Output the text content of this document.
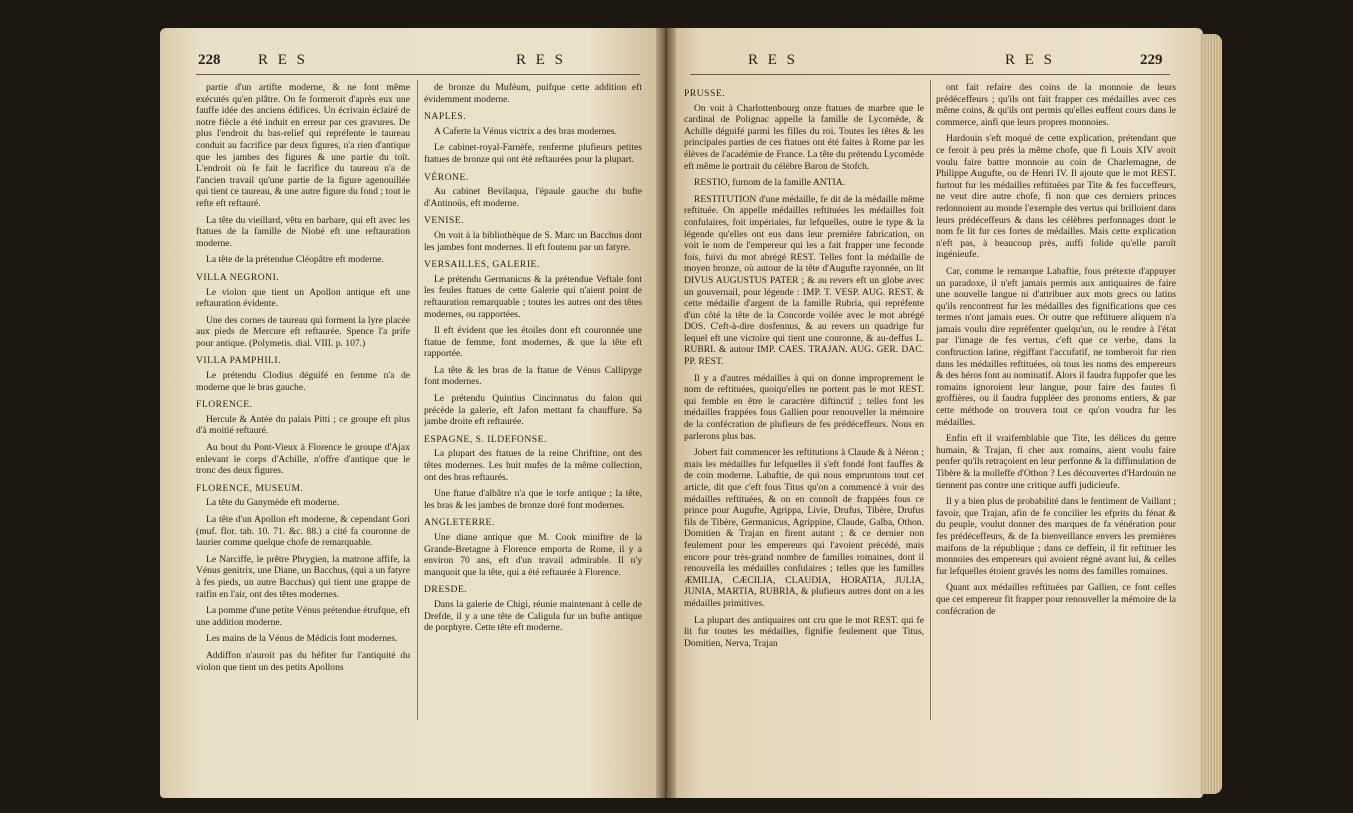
228	R E S	R E S

partie d'un artifte moderne, & ne font même exécutés qu'en plâtre. On fe formeroit d'après eux une fauffe idée des anciens édifices. Un écrivain éclairé de notre fiècle a été induit en erreur par ces gravures. De plus l'endroit du bas-relief qui repréfente le taureau conduit au facrifice par deux figures, n'a rien d'antique que les jambes des figures & une partie du toît. L'endroit où fe fait le facrifice du taureau n'a de l'ancien travail qu'une partie de la figure agenouillée qui tient ce taureau, & une autre figure du fond ; tout le refte eft reftauré.

La tête du vieillard, vêtu en barbare, qui eft avec les ftatues de la famille de Niobé eft une reftauration moderne.

La tête de la prétendue Cléopâtre eft moderne.

VILLA NEGRONI.

Le violon que tient un Apollon antique eft une reftauration évidente.

Une des cornes de taureau qui forment la lyre placée aux pieds de Mercure eft reftaurée. Spence l'a prife pour antique. (Polymetis. dial. VIII. p. 107.)

VILLA PAMPHILI.

Le prétendu Clodius déguifé en femme n'a de moderne que le bras gauche.

FLORENCE.

Hercule & Antée du palais Pitti ; ce groupe eft plus d'à moitié reftauré.

Au bout du Pont-Vieux à Florence le groupe d'Ajax enlevant le corps d'Achille, n'offre d'antique que le tronc des deux figures.

FLORENCE, MUSEUM.

La tête du Ganymède eft moderne.

La tête d'un Apollon eft moderne, & cependant Gori (muf. flor. tab. 10. 71. &c. 88.) a cité fa couronne de laurier comme quelque chofe de remarquable.

Le Narciffe, le prêtre Phrygien, la matrone affife, la Vénus genitrix, une Diane, un Bacchus, (qui a un fatyre à fes pieds, un autre Bacchus) qui tient une grappe de raifin en l'air, ont des têtes modernes.

La pomme d'une petite Vénus prétendue étrufque, eft une addition moderne.

Les mains de la Vénus de Médicis font modernes.

Addiffon n'auroit pas du héfiter fur l'antiquité du violon que tient un des petits Apollons

de bronze du Muféum, puifque cette addition eft évidemment moderne.

NAPLES.

A Caferte la Vénus victrix a des bras modernes.

Le cabinet-royal-Farnèfe, renferme plufieurs petites ftatues de bronze qui ont été reftaurées pour la plupart.

VÉRONE.

Au cabinet Bevilaqua, l'épaule gauche du bufte d'Antinoüs, eft moderne.

VENISE.

On voit à la bibliothèque de S. Marc un Bacchus dont les jambes font modernes. Il eft foutenu par un fatyre.

VERSAILLES, GALERIE.

Le prétendu Germanicus & la prétendue Veftale font les feules ftatues de cette Galerie qui n'aient point de reftauration remarquable ; toutes les autres ont des têtes modernes, ou rapportées.

Il eft évident que les étoiles dont eft couronnée une ftatue de femme, font modernes, & que la tête eft rapportée.

La tête & les bras de la ftatue de Vénus Callipyge font modernes.

Le prétendu Quintius Cincinnatus du falon qui précède la galerie, eft Jafon mettant fa chauffure. Sa jambe droite eft reftaurée.

ESPAGNE, S. ILDEFONSE.

La plupart des ftatues de la reine Chriftine, ont des têtes modernes. Les huit mufes de la même collection, ont des bras reftaurés.

Une ftatue d'albâtre n'a que le torfe antique ; la tête, les bras & les jambes de bronze doré font modernes.

ANGLETERRE.

Une diane antique que M. Cook miniftre de la Grande-Bretagne à Florence emporta de Rome, il y a environ 70 ans, eft d'un travail admirable. Il n'y manquoit que la tête, qui a été reftaurée à Florence.

DRESDE.

Dans la galerie de Chigi, réunie maintenant à celle de Drefde, il y a une tête de Caligula fur un bufte antique de porphyre. Cette tête eft moderne.

R E S	R E S	229

PRUSSE.

On voit à Charlottenbourg onze ftatues de marbre que le cardinal de Polignac appelle la famille de Lycomède, & Achille déguifé parmi les filles du roi. Toutes les têtes & les principales parties de ces ftatues ont été faites à Rome par les élèves de l'académie de France. La tête du prétendu Lycomède eft même le portrait du célèbre Baron de Stofch.

RESTIO, furnom de la famille ANTIA.

RESTITUTION d'une médaille, fe dit de la médaille même reftituée. On appelle médailles reftituées les médailles foit confulaires, foit impériales, fur lefquelles, outre le type & la légende qu'elles ont eus dans leur première fabrication, on voit le nom de l'empereur qui les a fait frapper une feconde fois, fuivi du mot abrégé REST. Telles font la médaille de moyen bronze, où autour de la tête d'Augufte rayonnée, on lit DIVUS AUGUSTUS PATER ; & au revers eft un globe avec un gouvernail, pour légende : IMP. T. VESP. AUG. REST. & cette médaille d'argent de la famille Rubria, qui repréfente d'un côté la tête de la Concorde voilée avec le mot abrégé DOS. C'eft-à-dire dosfennus, & au revers un quadrige fur lequel eft une victoire qui tient une couronne, & au-deffus L. RUBRI. & autour IMP. CAES. TRAJAN. AUG. GER. DAC. PP. REST.

Il y a d'autres médailles à qui on donne improprement le nom de reftituées, quoiqu'elles ne portent pas le mot REST. qui femble en être le caractère diftinctif ; telles font les médailles frappées fous Gallien pour renouveller la mémoire de la confécration de plufieurs de fes prédéceffeurs. Nous en parlerons plus bas.

Jobert fait commencer les reftitutions à Claude & à Néron ; mais les médailles fur lefquelles il s'eft fondé font fauffes & de coin moderne. Labaftie, de qui nous empruntons tout cet article, dit que c'eft fous Titus qu'on a commencé à voir des médailles reftituées, & on en connoît de frappées fous ce prince pour Augufte, Agrippa, Livie, Drufus, Tibère, Drufus fils de Tibère, Germanicus, Agrippine, Claude, Galba, Othon. Domitien & Trajan en firent autant ; & ce dernier non feulement pour les empereurs qui l'avoient précédé, mais encore pour très-grand nombre de familles romaines, dont il renouvella les médailles confulaires ; telles que les familles ÆMILIA, CÆCILIA, CLAUDIA, HORATIA, JULIA, JUNIA, MARTIA, RUBRIA, & plufieurs autres dont on a les médailles primitives.

La plupart des antiquaires ont cru que le mot REST. qui fe lit fur toutes les médailles, fignifie feulement que Titus, Domitien, Nerva, Trajan

ont fait refaire des coins de la monnoie de leurs prédéceffeurs ; qu'ils ont fait frapper ces médailles avec ces même coins, & qu'ils ont permis qu'elles euffent cours dans le commerce, ainfi que leurs propres monnoies.

Hardouin s'eft moqué de cette explication, prétendant que ce feroit à peu près la même chofe, que fi Louis XIV avoit voulu faire battre monnoie au coin de Charlemagne, de Philippe Augufte, ou de Henri IV. Il ajoute que le mot REST. furtout fur les médailles reftituées par Tite & fes fucceffeurs, ne veut dire autre chofe, fi non que ces derniers princes redonnoient au monde l'exemple des vertus qui brilloient dans leurs prédéceffeurs & dans les célèbres perfonnages dont le nom fe lit fur ces fortes de médailles. Mais cette explication n'eft pas, à beaucoup près, auffi folide qu'elle paroît ingénieufe.

Car, comme le remarque Labaftie, fous prétexte d'appuyer un paradoxe, il n'eft jamais permis aux antiquaires de faire une nouvelle langue ni d'attribuer aux mots grecs ou latins qu'ils rencontrent fur les médailles des fignifications que ces termes n'ont jamais eues. Or outre que reftituere aliquem n'a jamais voulu dire repréfenter quelqu'un, ou le rendre à l'état par l'image de fes vertus, c'eft que ce verbe, dans la conftruction latine, régiffant l'accufatif, ne tomberoit fur rien dans les médailles reftituées, où tous les noms des empereurs & des héros font au nominatif. Alors il faudra fuppofer que les romains ignoroient leur langue, pour faire des fautes fi groffières, ou il faudra fuppléer des pronoms entiers, & par cette méthode on trouvera tout ce qu'on voudra fur les médailles.

Enfin eft il vraifemblable que Tite, les délices du genre humain, & Trajan, fi cher aux romains, aient voulu faire penfer qu'ils retraçoient en leur perfonne & la diffimulation de Tibère & la molleffe d'Othon ? Les découvertes d'Hardouin ne tiennent pas contre une critique auffi judicieufe.

Il y a bien plus de probabilité dans le fentiment de Vaillant ; favoir, que Trajan, afin de fe concilier les efprits du fénat & du peuple, voulut donner des marques de fa vénération pour fes prédéceffeurs, & de fa bienveillance envers les premières maifons de la république ; dans ce deffein, il fit reftituer les monnoies des empereurs qui avoient régné avant lui, & celles fur lefquelles étoient gravés les noms des familles romaines.

Quant aux médailles reftituées par Gallien, ce font celles que cet empereur fit frapper pour renouveller la mémoire de la confécration de
